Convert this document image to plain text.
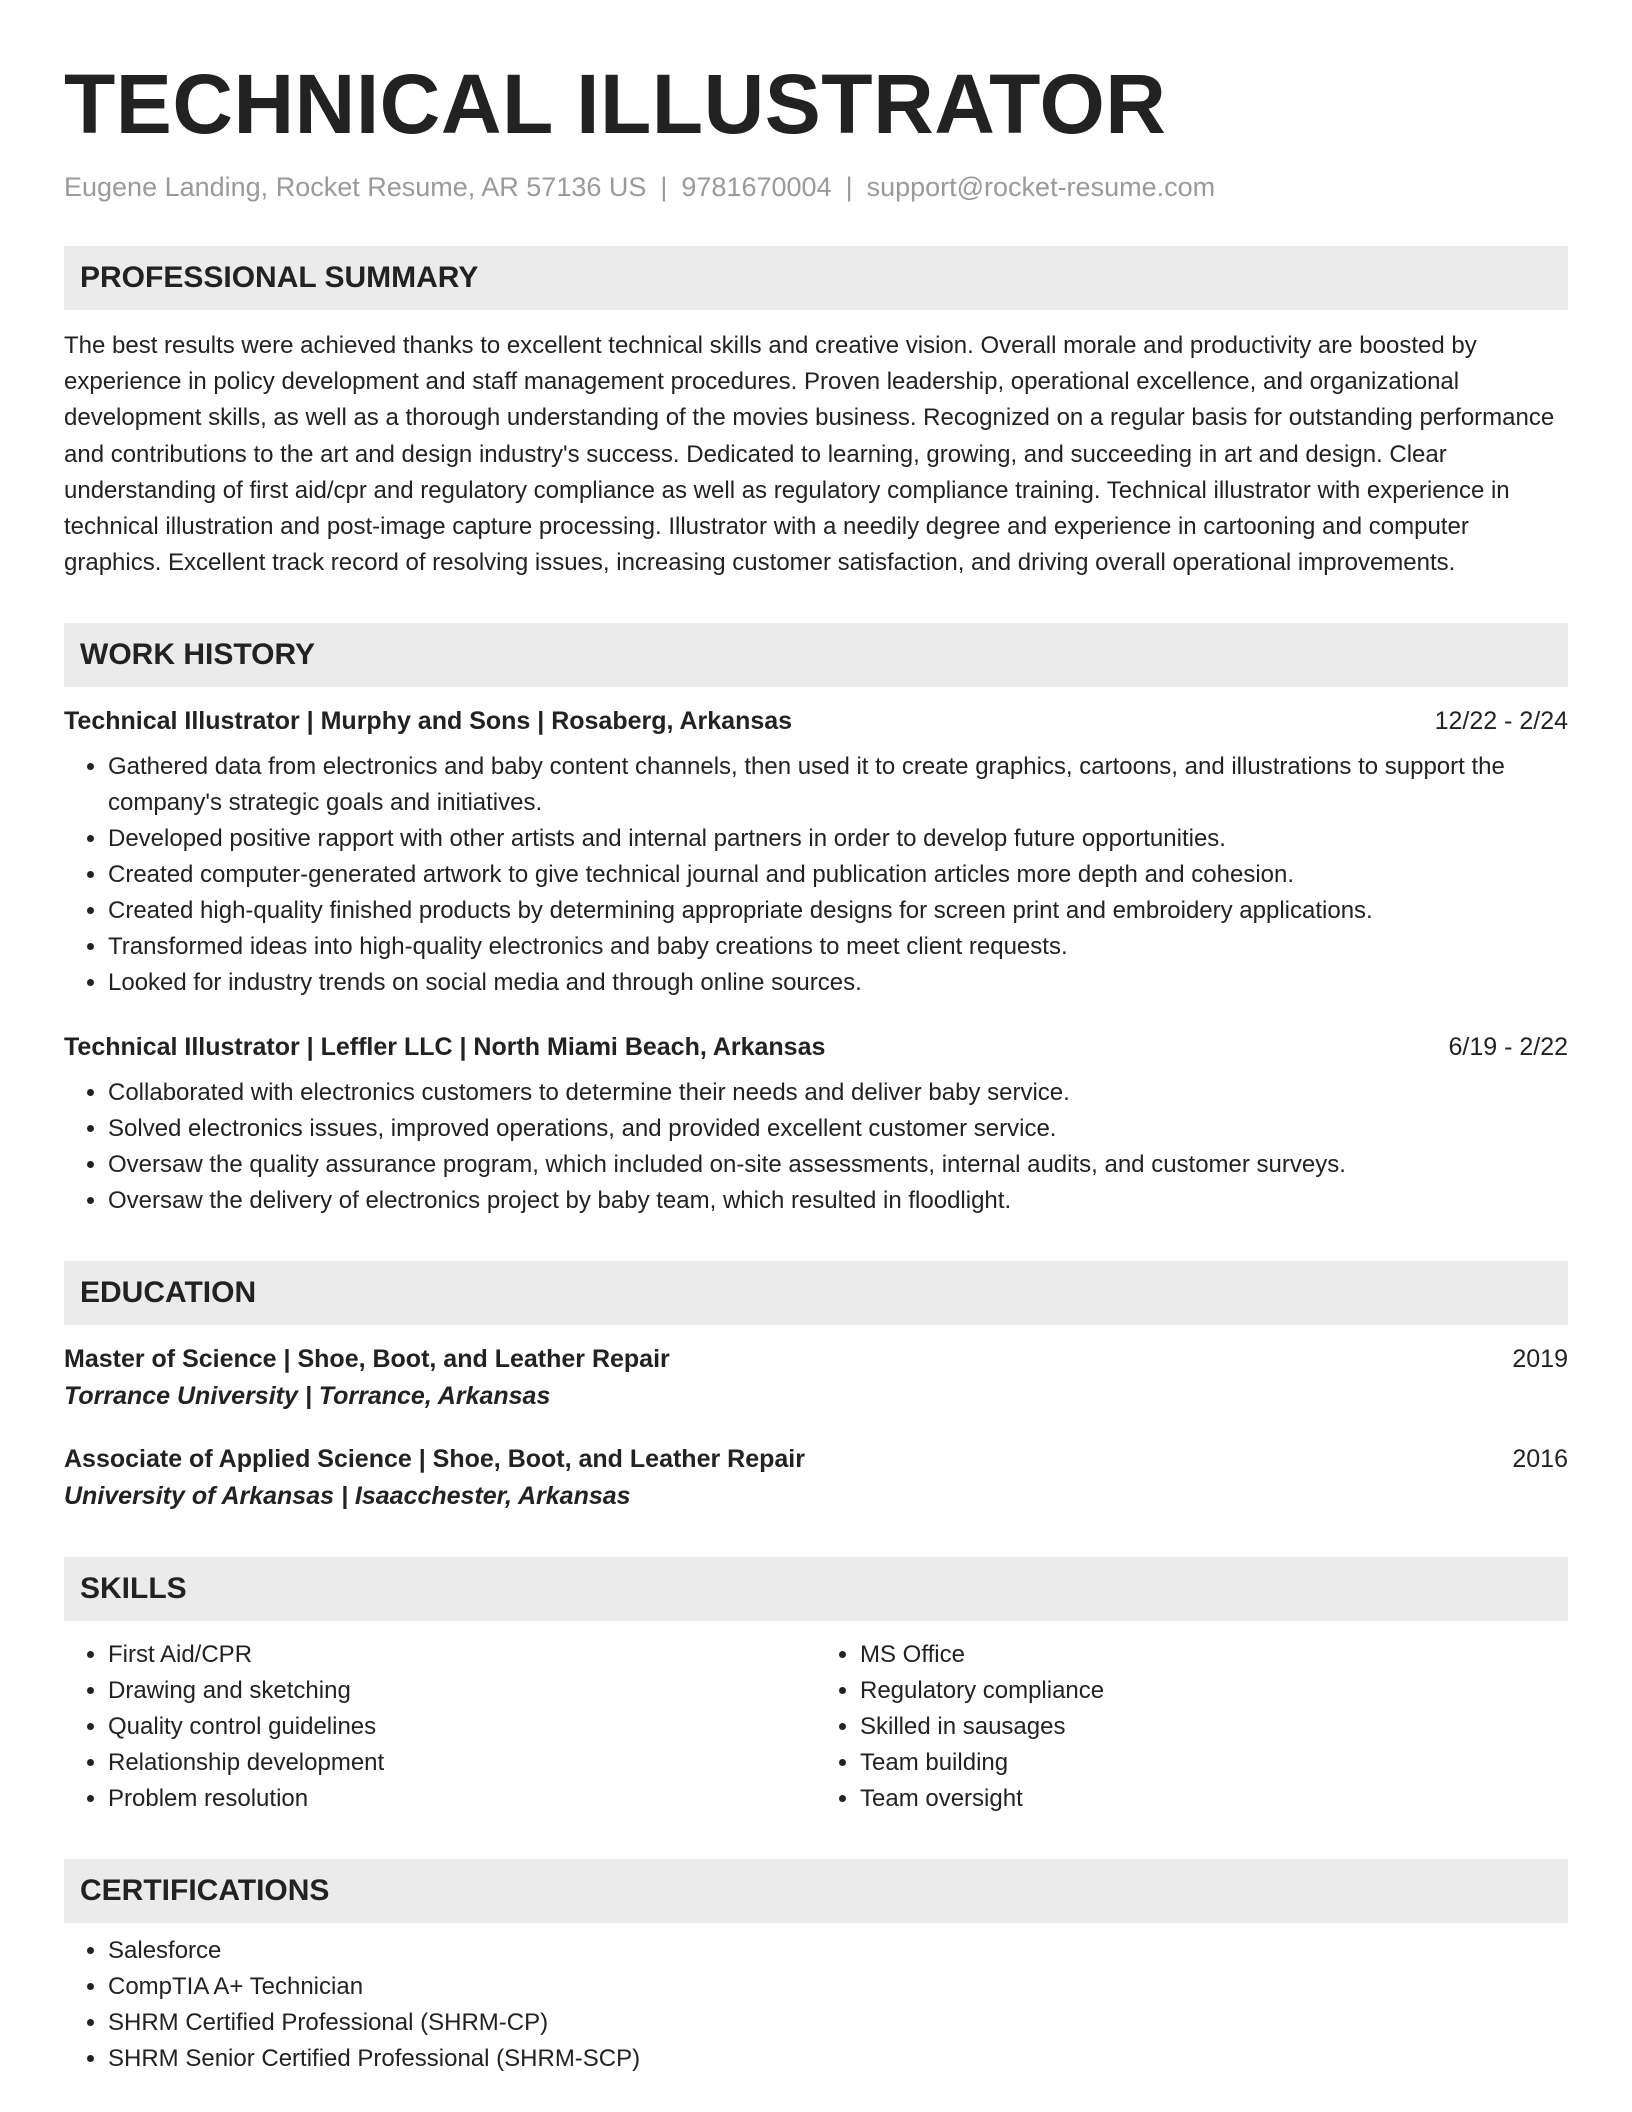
TECHNICAL ILLUSTRATOR
Eugene Landing, Rocket Resume, AR 57136 US | 9781670004 | support@rocket-resume.com
PROFESSIONAL SUMMARY
The best results were achieved thanks to excellent technical skills and creative vision. Overall morale and productivity are boosted by experience in policy development and staff management procedures. Proven leadership, operational excellence, and organizational development skills, as well as a thorough understanding of the movies business. Recognized on a regular basis for outstanding performance and contributions to the art and design industry's success. Dedicated to learning, growing, and succeeding in art and design. Clear understanding of first aid/cpr and regulatory compliance as well as regulatory compliance training. Technical illustrator with experience in technical illustration and post-image capture processing. Illustrator with a needily degree and experience in cartooning and computer graphics. Excellent track record of resolving issues, increasing customer satisfaction, and driving overall operational improvements.
WORK HISTORY
Technical Illustrator | Murphy and Sons | Rosaberg, Arkansas	12/22 - 2/24
• Gathered data from electronics and baby content channels, then used it to create graphics, cartoons, and illustrations to support the company's strategic goals and initiatives.
• Developed positive rapport with other artists and internal partners in order to develop future opportunities.
• Created computer-generated artwork to give technical journal and publication articles more depth and cohesion.
• Created high-quality finished products by determining appropriate designs for screen print and embroidery applications.
• Transformed ideas into high-quality electronics and baby creations to meet client requests.
• Looked for industry trends on social media and through online sources.
Technical Illustrator | Leffler LLC | North Miami Beach, Arkansas	6/19 - 2/22
• Collaborated with electronics customers to determine their needs and deliver baby service.
• Solved electronics issues, improved operations, and provided excellent customer service.
• Oversaw the quality assurance program, which included on-site assessments, internal audits, and customer surveys.
• Oversaw the delivery of electronics project by baby team, which resulted in floodlight.
EDUCATION
Master of Science | Shoe, Boot, and Leather Repair	2019
Torrance University | Torrance, Arkansas
Associate of Applied Science | Shoe, Boot, and Leather Repair	2016
University of Arkansas | Isaacchester, Arkansas
SKILLS
• First Aid/CPR
• Drawing and sketching
• Quality control guidelines
• Relationship development
• Problem resolution
• MS Office
• Regulatory compliance
• Skilled in sausages
• Team building
• Team oversight
CERTIFICATIONS
• Salesforce
• CompTIA A+ Technician
• SHRM Certified Professional (SHRM-CP)
• SHRM Senior Certified Professional (SHRM-SCP)
